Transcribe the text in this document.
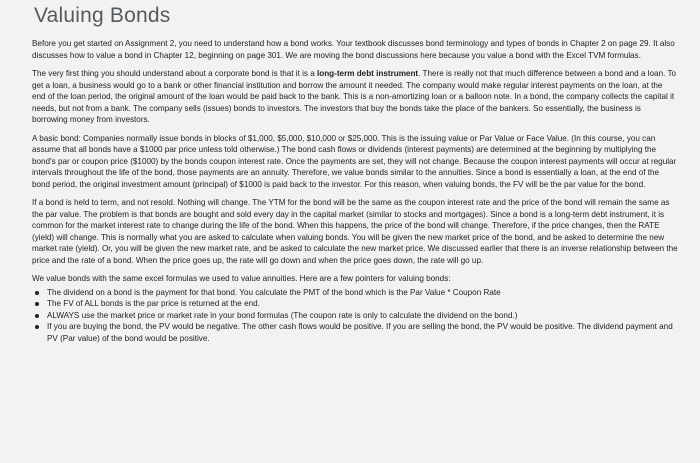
Valuing Bonds

Before you get started on Assignment 2, you need to understand how a bond works. Your textbook discusses bond terminology and types of bonds in Chapter 2 on page 29. It also discusses how to value a bond in Chapter 12, beginning on page 301. We are moving the bond discussions here because you value a bond with the Excel TVM formulas.

The very first thing you should understand about a corporate bond is that it is a long-term debt instrument. There is really not that much difference between a bond and a loan. To get a loan, a business would go to a bank or other financial institution and borrow the amount it needed. The company would make regular interest payments on the loan, at the end of the loan period, the original amount of the loan would be paid back to the bank. This is a non-amortizing loan or a balloon note. In a bond, the company collects the capital it needs, but not from a bank. The company sells (issues) bonds to investors. The investors that buy the bonds take the place of the bankers. So essentially, the business is borrowing money from investors.

A basic bond: Companies normally issue bonds in blocks of $1,000, $5,000, $10,000 or $25,000. This is the issuing value or Par Value or Face Value. (In this course, you can assume that all bonds have a $1000 par price unless told otherwise.) The bond cash flows or dividends (interest payments) are determined at the beginning by multiplying the bond's par or coupon price ($1000) by the bonds coupon interest rate. Once the payments are set, they will not change. Because the coupon interest payments will occur at regular intervals throughout the life of the bond, those payments are an annuity. Therefore, we value bonds similar to the annuities. Since a bond is essentially a loan, at the end of the bond period, the original investment amount (principal) of $1000 is paid back to the investor. For this reason, when valuing bonds, the FV will be the par value for the bond.

If a bond is held to term, and not resold. Nothing will change. The YTM for the bond will be the same as the coupon interest rate and the price of the bond will remain the same as the par value. The problem is that bonds are bought and sold every day in the capital market (similar to stocks and mortgages). Since a bond is a long-term debt instrument, it is common for the market interest rate to change during the life of the bond. When this happens, the price of the bond will change. Therefore, if the price changes, then the RATE (yield) will change. This is normally what you are asked to calculate when valuing bonds. You will be given the new market price of the bond, and be asked to determine the new market rate (yield). Or, you will be given the new market rate, and be asked to calculate the new market price. We discussed earlier that there is an inverse relationship between the price and the rate of a bond. When the price goes up, the rate will go down and when the price goes down, the rate will go up.

We value bonds with the same excel formulas we used to value annuities. Here are a few pointers for valuing bonds:

The dividend on a bond is the payment for that bond. You calculate the PMT of the bond which is the Par Value * Coupon Rate
The FV of ALL bonds is the par price is returned at the end.
ALWAYS use the market price or market rate in your bond formulas (The coupon rate is only to calculate the dividend on the bond.)
If you are buying the bond, the PV would be negative. The other cash flows would be positive. If you are selling the bond, the PV would be positive. The dividend payment and PV (Par value) of the bond would be positive.
